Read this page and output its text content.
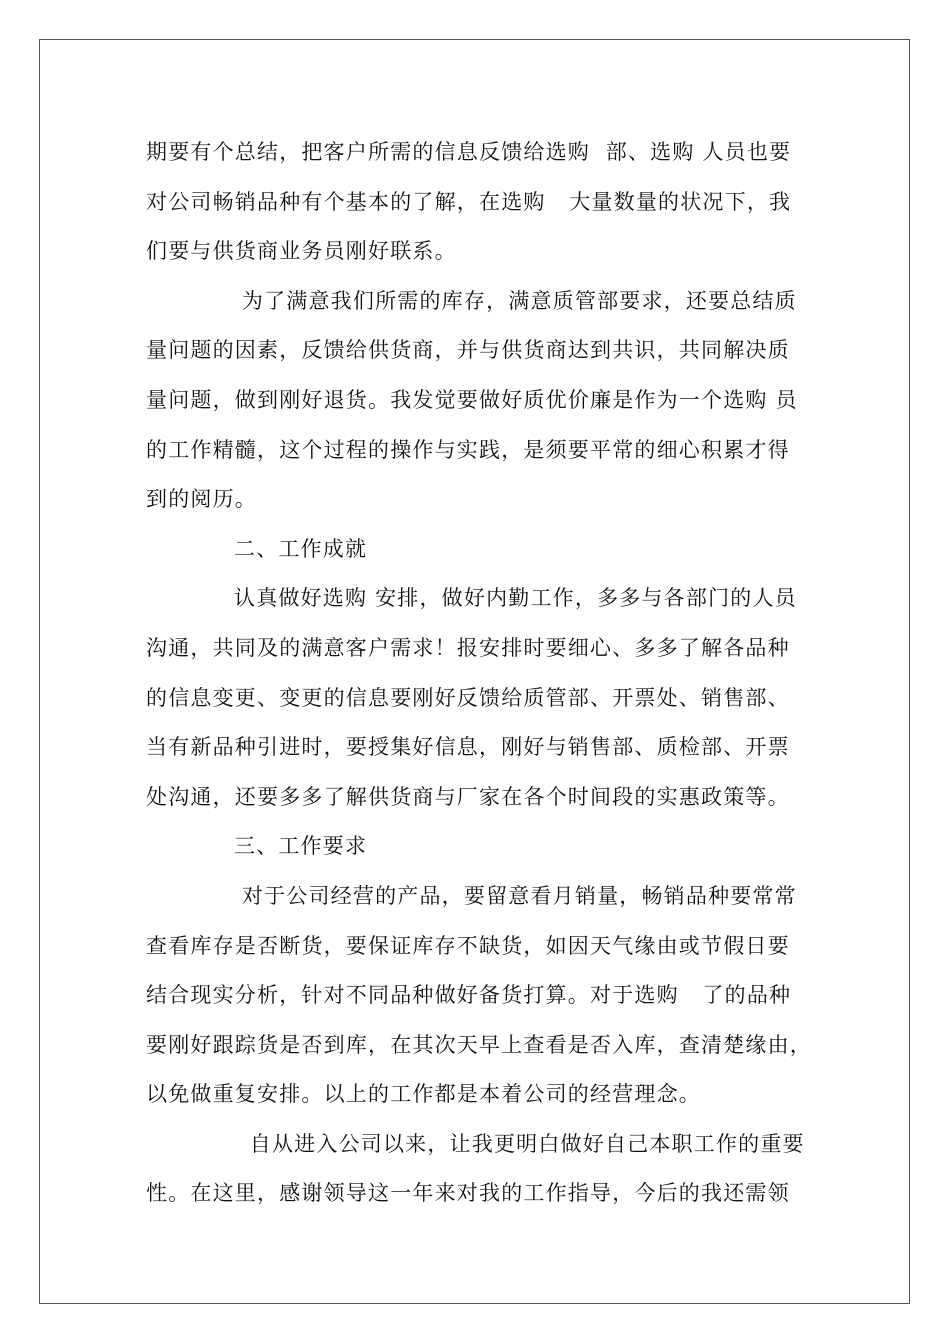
期要有个总结，把客户所需的信息反馈给选购  部、选购 人员也要
对公司畅销品种有个基本的了解，在选购   大量数量的状况下，我
们要与供货商业务员刚好联系。
为了满意我们所需的库存，满意质管部要求，还要总结质
量问题的因素，反馈给供货商，并与供货商达到共识，共同解决质
量问题，做到刚好退货。我发觉要做好质优价廉是作为一个选购 员
的工作精髓，这个过程的操作与实践，是须要平常的细心积累才得
到的阅历。
二、工作成就
认真做好选购 安排，做好内勤工作，多多与各部门的人员
沟通，共同及的满意客户需求！报安排时要细心、多多了解各品种
的信息变更、变更的信息要刚好反馈给质管部、开票处、销售部、
当有新品种引进时，要授集好信息，刚好与销售部、质检部、开票
处沟通，还要多多了解供货商与厂家在各个时间段的实惠政策等。
三、工作要求
对于公司经营的产品，要留意看月销量，畅销品种要常常
查看库存是否断货，要保证库存不缺货，如因天气缘由或节假日要
结合现实分析，针对不同品种做好备货打算。对于选购   了的品种
要刚好跟踪货是否到库，在其次天早上查看是否入库，查清楚缘由，
以免做重复安排。以上的工作都是本着公司的经营理念。
自从进入公司以来，让我更明白做好自己本职工作的重要
性。在这里，感谢领导这一年来对我的工作指导，今后的我还需领
